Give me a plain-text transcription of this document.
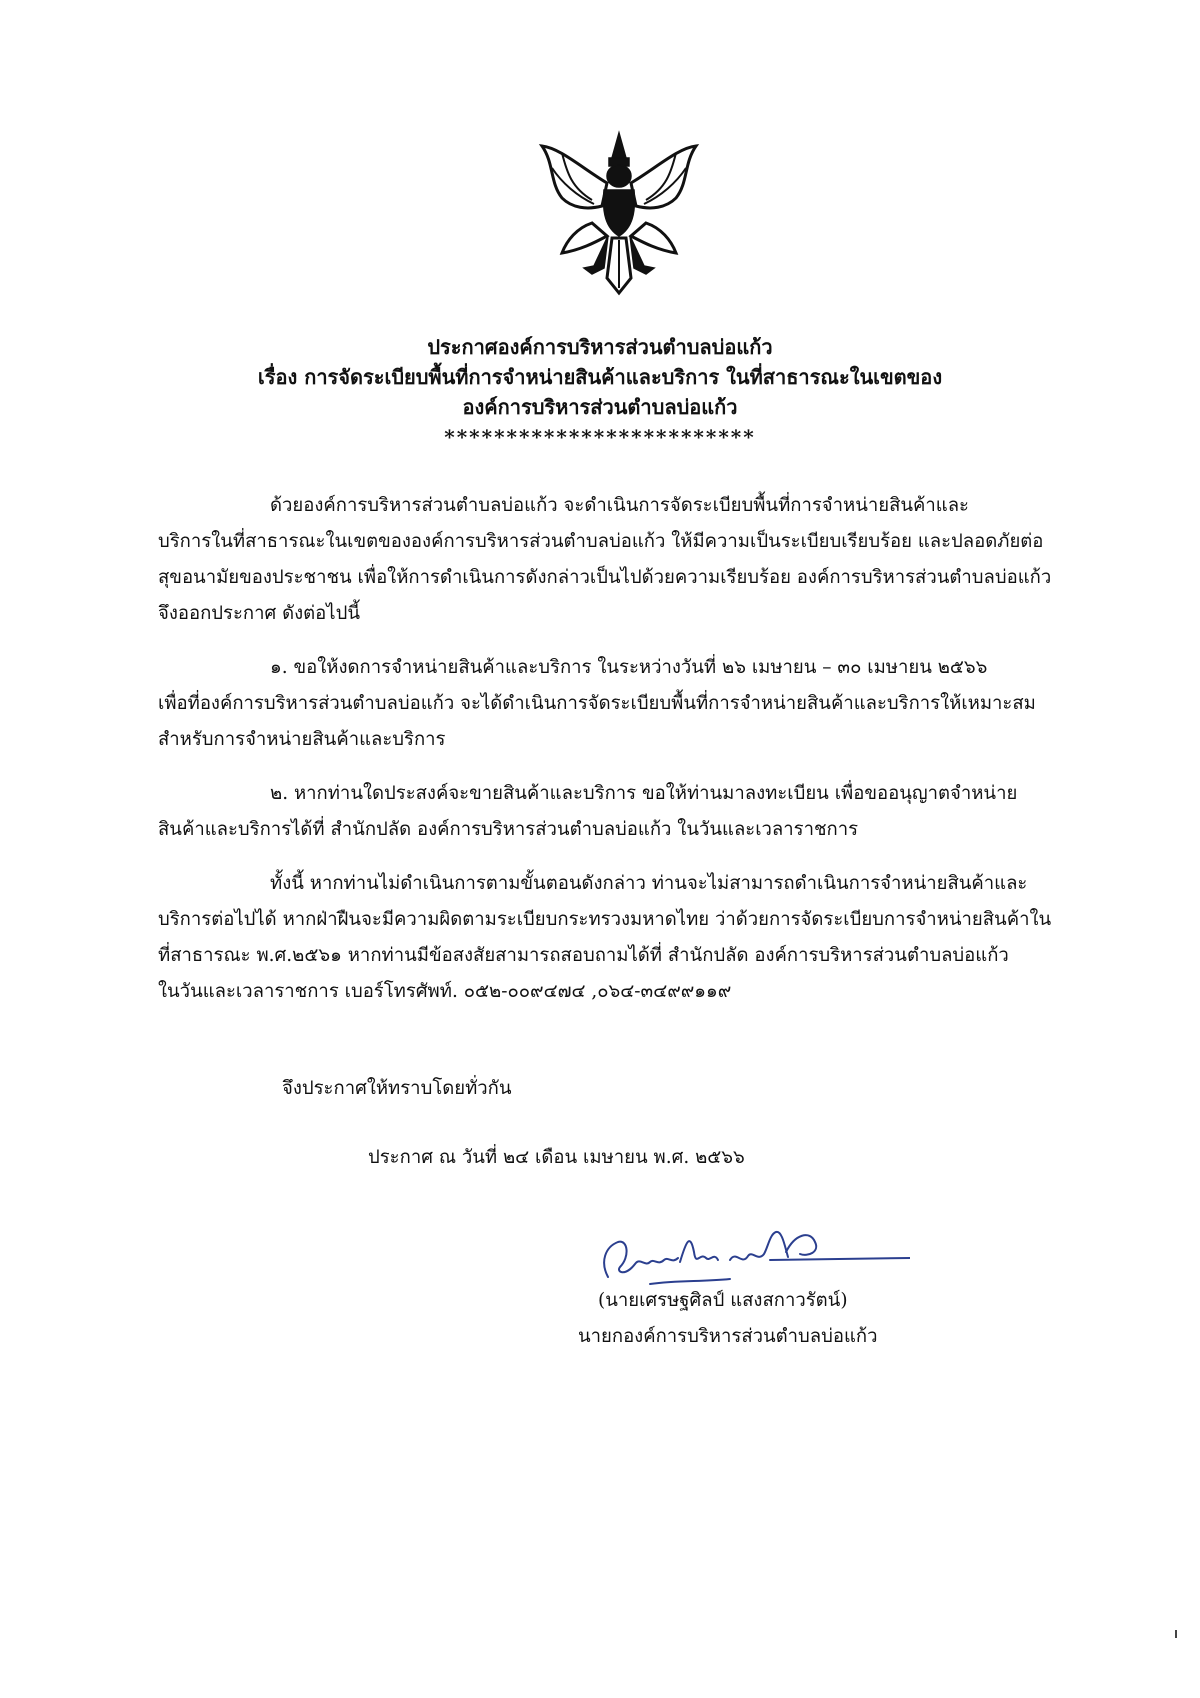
ประกาศองค์การบริหารส่วนตำบลบ่อแก้ว
เรื่อง การจัดระเบียบพื้นที่การจำหน่ายสินค้าและบริการ ในที่สาธารณะในเขตของ
องค์การบริหารส่วนตำบลบ่อแก้ว
*************************
ด้วยองค์การบริหารส่วนตำบลบ่อแก้ว จะดำเนินการจัดระเบียบพื้นที่การจำหน่ายสินค้าและ
บริการในที่สาธารณะในเขตขององค์การบริหารส่วนตำบลบ่อแก้ว ให้มีความเป็นระเบียบเรียบร้อย และปลอดภัยต่อ
สุขอนามัยของประชาชน เพื่อให้การดำเนินการดังกล่าวเป็นไปด้วยความเรียบร้อย องค์การบริหารส่วนตำบลบ่อแก้ว
จึงออกประกาศ ดังต่อไปนี้
๑. ขอให้งดการจำหน่ายสินค้าและบริการ ในระหว่างวันที่ ๒๖ เมษายน – ๓๐ เมษายน ๒๕๖๖
เพื่อที่องค์การบริหารส่วนตำบลบ่อแก้ว จะได้ดำเนินการจัดระเบียบพื้นที่การจำหน่ายสินค้าและบริการให้เหมาะสม
สำหรับการจำหน่ายสินค้าและบริการ
๒. หากท่านใดประสงค์จะขายสินค้าและบริการ ขอให้ท่านมาลงทะเบียน เพื่อขออนุญาตจำหน่าย
สินค้าและบริการได้ที่ สำนักปลัด องค์การบริหารส่วนตำบลบ่อแก้ว ในวันและเวลาราชการ
ทั้งนี้ หากท่านไม่ดำเนินการตามขั้นตอนดังกล่าว ท่านจะไม่สามารถดำเนินการจำหน่ายสินค้าและ
บริการต่อไปได้ หากฝ่าฝืนจะมีความผิดตามระเบียบกระทรวงมหาดไทย ว่าด้วยการจัดระเบียบการจำหน่ายสินค้าใน
ที่สาธารณะ พ.ศ.๒๕๖๑ หากท่านมีข้อสงสัยสามารถสอบถามได้ที่ สำนักปลัด องค์การบริหารส่วนตำบลบ่อแก้ว
ในวันและเวลาราชการ เบอร์โทรศัพท์. ๐๕๒-๐๐๙๔๗๔ ,๐๖๔-๓๔๙๙๑๑๙
จึงประกาศให้ทราบโดยทั่วกัน
ประกาศ ณ วันที่ ๒๔ เดือน เมษายน พ.ศ. ๒๕๖๖
(นายเศรษฐศิลป์ แสงสกาวรัตน์)
นายกองค์การบริหารส่วนตำบลบ่อแก้ว
